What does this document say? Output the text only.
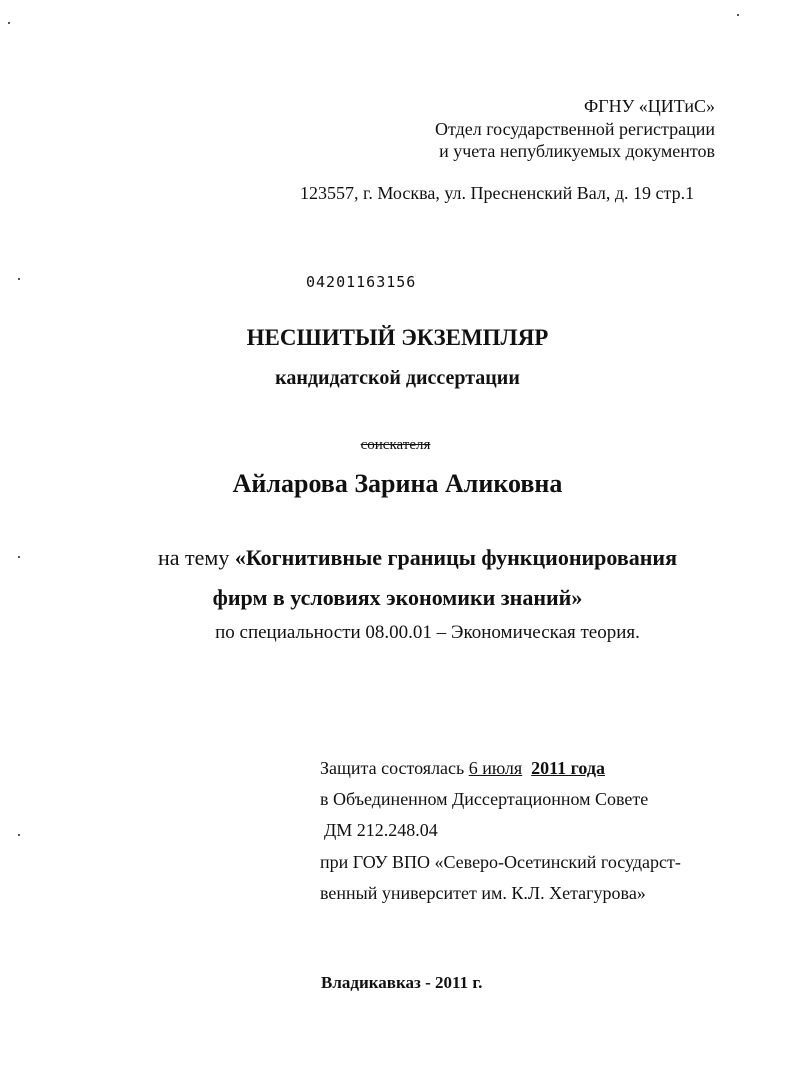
ФГНУ «ЦИТиС»
Отдел государственной регистрации
и учета непубликуемых документов
123557, г. Москва, ул. Пресненский Вал, д. 19 стр.1
04201163156
НЕСШИТЫЙ ЭКЗЕМПЛЯР
кандидатской диссертации
соискателя
Айларова Зарина Аликовна
на тему «Когнитивные границы функционирования
фирм в условиях экономики знаний»
по специальности 08.00.01 – Экономическая теория.
Защита состоялась 6 июля 2011 года
в Объединенном Диссертационном Совете
ДМ 212.248.04
при ГОУ ВПО «Северо-Осетинский государст-
венный университет им. К.Л. Хетагурова»
Владикавказ - 2011 г.
